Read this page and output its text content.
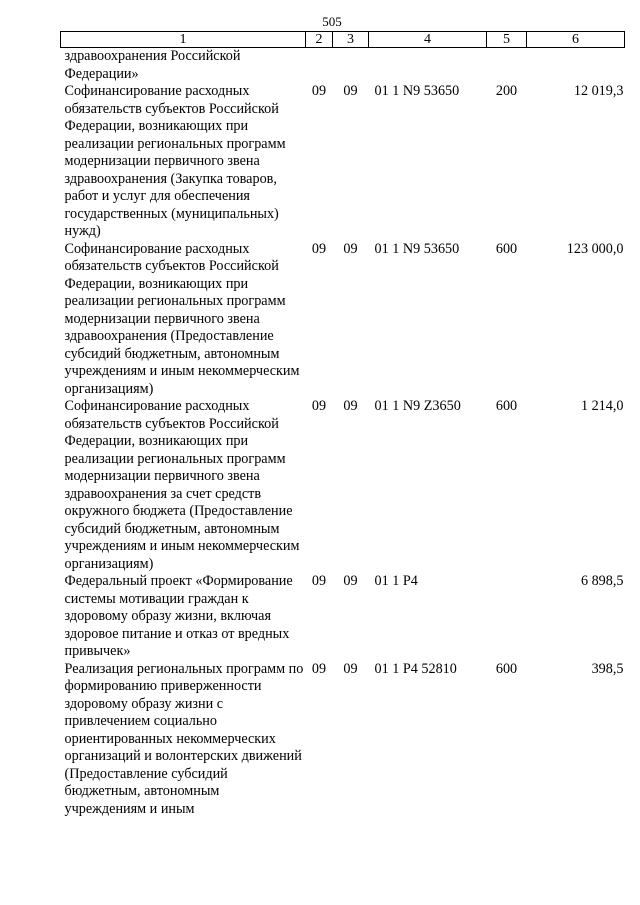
505
1	2	3	4	5	6
здравоохранения Российской Федерации»					
Софинансирование расходных обязательств субъектов Российской Федерации, возникающих при реализации региональных программ модернизации первичного звена здравоохранения (Закупка товаров, работ и услуг для обеспечения государственных (муниципальных) нужд)	09	09	01 1 N9 53650	200	12 019,3
Софинансирование расходных обязательств субъектов Российской Федерации, возникающих при реализации региональных программ модернизации первичного звена здравоохранения (Предоставление субсидий бюджетным, автономным учреждениям и иным некоммерческим организациям)	09	09	01 1 N9 53650	600	123 000,0
Софинансирование расходных обязательств субъектов Российской Федерации, возникающих при реализации региональных программ модернизации первичного звена здравоохранения за счет средств окружного бюджета (Предоставление субсидий бюджетным, автономным учреждениям и иным некоммерческим организациям)	09	09	01 1 N9 Z3650	600	1 214,0
Федеральный проект «Формирование системы мотивации граждан к здоровому образу жизни, включая здоровое питание и отказ от вредных привычек»	09	09	01 1 P4		6 898,5
Реализация региональных программ по формированию приверженности здоровому образу жизни с привлечением социально ориентированных некоммерческих организаций и волонтерских движений (Предоставление субсидий бюджетным, автономным учреждениям и иным	09	09	01 1 P4 52810	600	398,5
